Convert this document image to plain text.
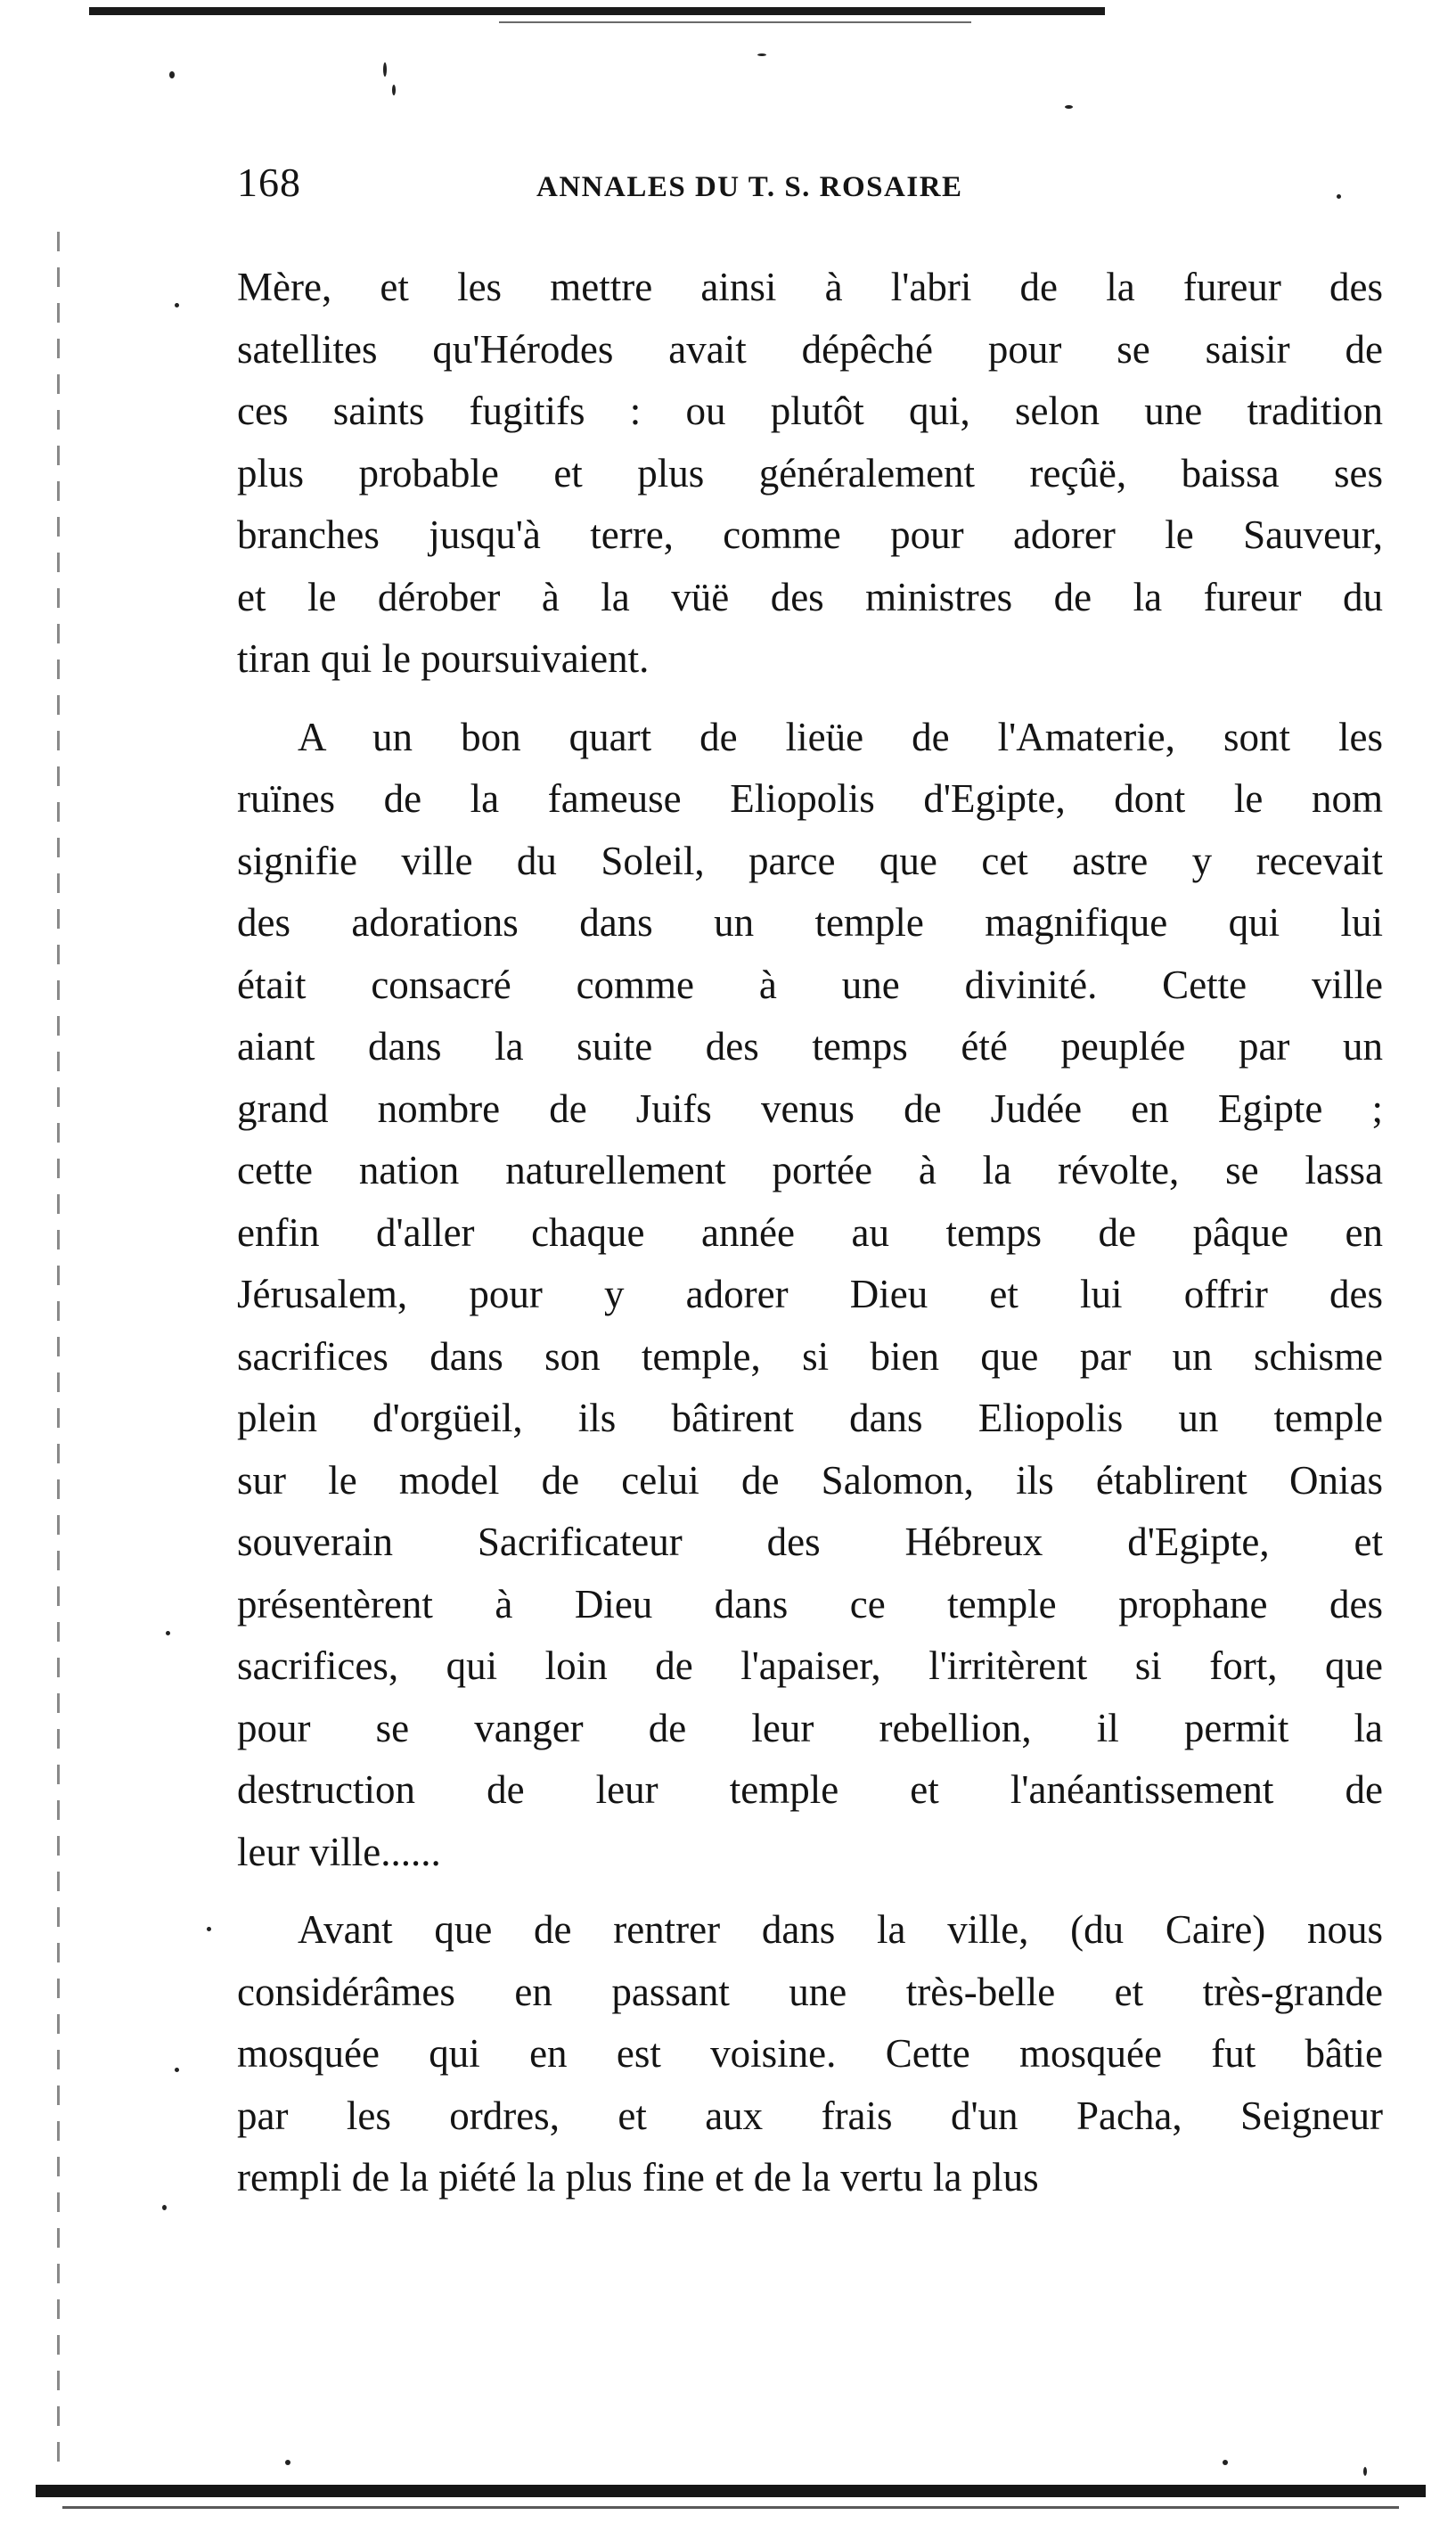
168	ANNALES DU T. S. ROSAIRE
Mère, et les mettre ainsi à l'abri de la fureur des
satellites qu'Hérodes avait dépêché pour se saisir de
ces saints fugitifs : ou plutôt qui, selon une tradition
plus probable et plus généralement reçûë, baissa ses
branches jusqu'à terre, comme pour adorer le Sauveur,
et le dérober à la vüë des ministres de la fureur du
tiran qui le poursuivaient.
A un bon quart de lieüe de l'Amaterie, sont les
ruïnes de la fameuse Eliopolis d'Egipte, dont le nom
signifie ville du Soleil, parce que cet astre y recevait
des adorations dans un temple magnifique qui lui
était consacré comme à une divinité. Cette ville
aiant dans la suite des temps été peuplée par un
grand nombre de Juifs venus de Judée en Egipte ;
cette nation naturellement portée à la révolte, se lassa
enfin d'aller chaque année au temps de pâque en
Jérusalem, pour y adorer Dieu et lui offrir des
sacrifices dans son temple, si bien que par un schisme
plein d'orgüeil, ils bâtirent dans Eliopolis un temple
sur le model de celui de Salomon, ils établirent Onias
souverain Sacrificateur des Hébreux d'Egipte, et
présentèrent à Dieu dans ce temple prophane des
sacrifices, qui loin de l'apaiser, l'irritèrent si fort, que
pour se vanger de leur rebellion, il permit la
destruction de leur temple et l'anéantissement de
leur ville......
Avant que de rentrer dans la ville, (du Caire) nous
considérâmes en passant une très-belle et très-grande
mosquée qui en est voisine. Cette mosquée fut bâtie
par les ordres, et aux frais d'un Pacha, Seigneur
rempli de la piété la plus fine et de la vertu la plus
